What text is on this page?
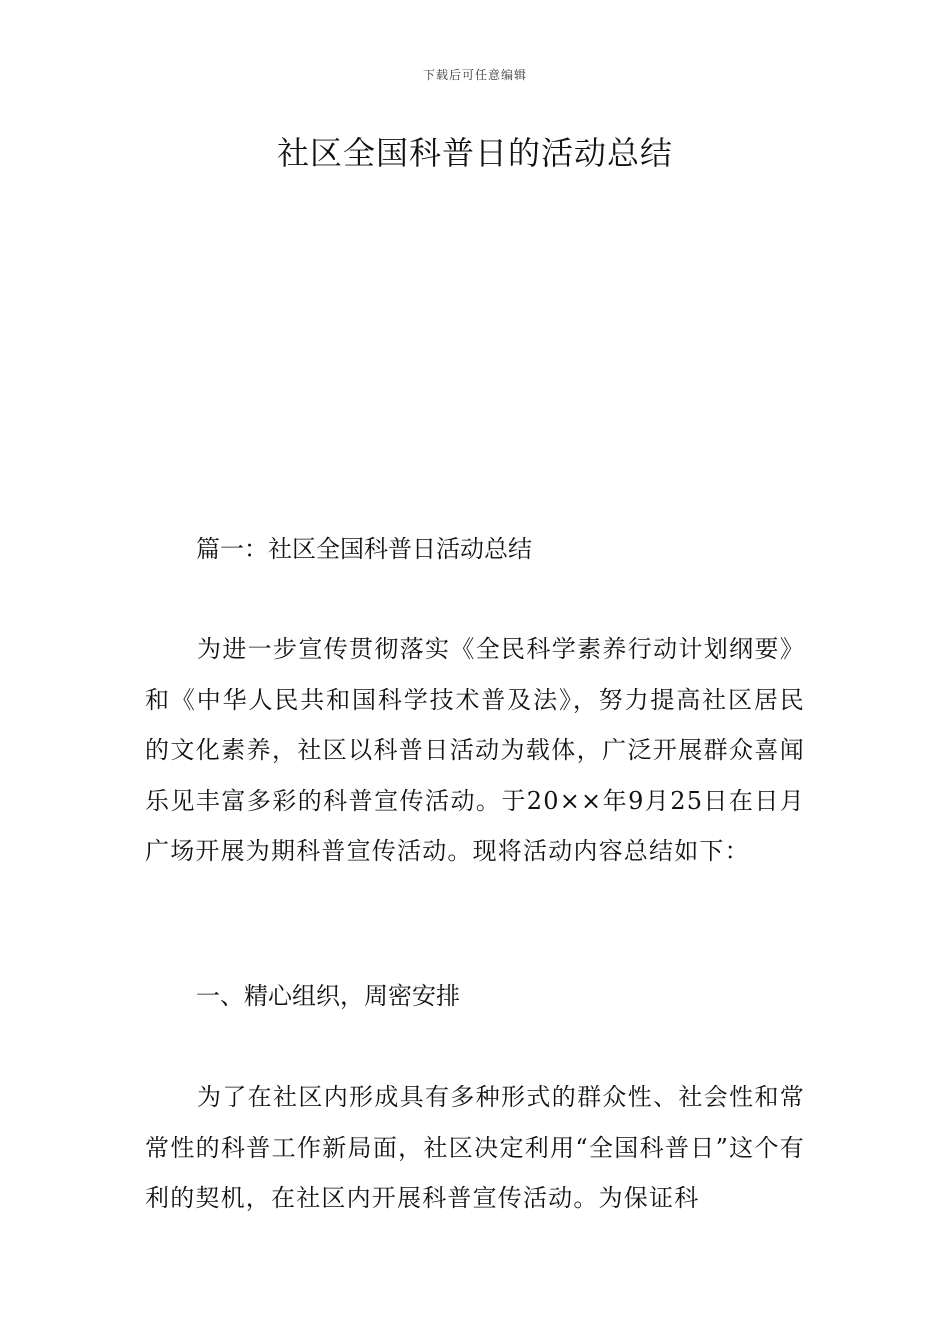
下载后可任意编辑
社区全国科普日的活动总结

篇一：社区全国科普日活动总结

为进一步宣传贯彻落实《全民科学素养行动计划纲要》和《中华人民共和国科学技术普及法》，努力提高社区居民的文化素养，社区以科普日活动为载体，广泛开展群众喜闻乐见丰富多彩的科普宣传活动。于20××年9月25日在日月广场开展为期科普宣传活动。现将活动内容总结如下：

一、精心组织，周密安排

为了在社区内形成具有多种形式的群众性、社会性和常常性的科普工作新局面，社区决定利用“全国科普日”这个有利的契机，在社区内开展科普宣传活动。为保证科
